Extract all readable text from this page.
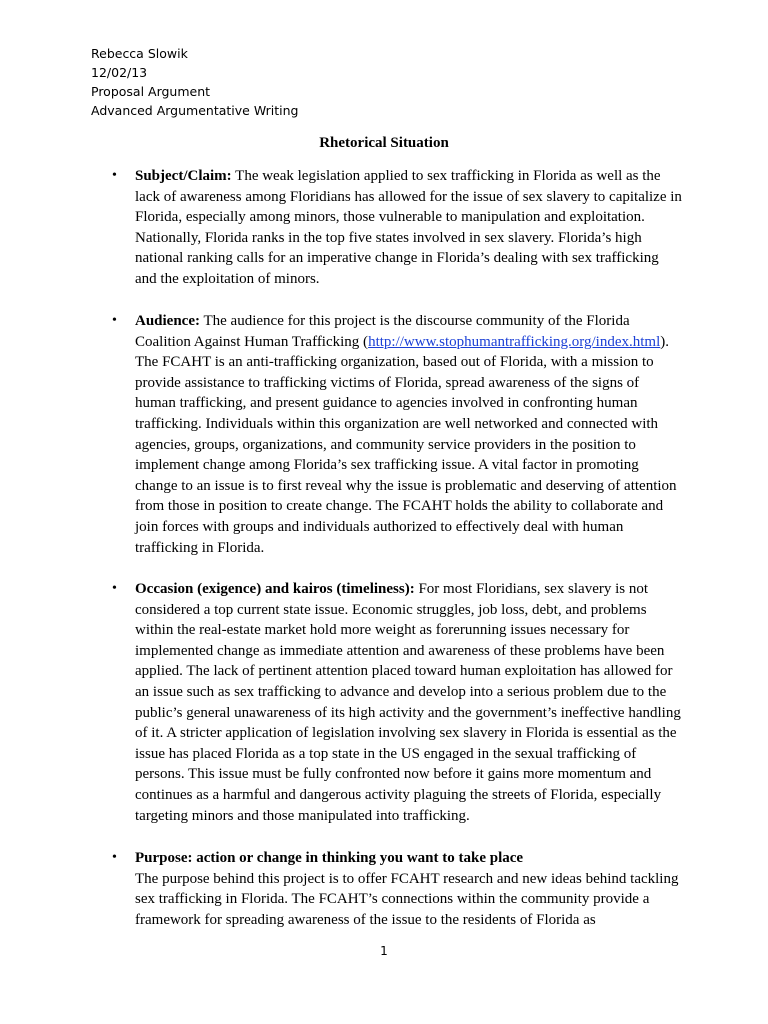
Rebecca Slowik
12/02/13
Proposal Argument
Advanced Argumentative Writing
Rhetorical Situation
• Subject/Claim: The weak legislation applied to sex trafficking in Florida as well as the lack of awareness among Floridians has allowed for the issue of sex slavery to capitalize in Florida, especially among minors, those vulnerable to manipulation and exploitation. Nationally, Florida ranks in the top five states involved in sex slavery. Florida’s high national ranking calls for an imperative change in Florida’s dealing with sex trafficking and the exploitation of minors.

• Audience: The audience for this project is the discourse community of the Florida Coalition Against Human Trafficking (http://www.stophumantrafficking.org/index.html). The FCAHT is an anti-trafficking organization, based out of Florida, with a mission to provide assistance to trafficking victims of Florida, spread awareness of the signs of human trafficking, and present guidance to agencies involved in confronting human trafficking. Individuals within this organization are well networked and connected with agencies, groups, organizations, and community service providers in the position to implement change among Florida’s sex trafficking issue. A vital factor in promoting change to an issue is to first reveal why the issue is problematic and deserving of attention from those in position to create change. The FCAHT holds the ability to collaborate and join forces with groups and individuals authorized to effectively deal with human trafficking in Florida.

• Occasion (exigence) and kairos (timeliness): For most Floridians, sex slavery is not considered a top current state issue. Economic struggles, job loss, debt, and problems within the real-estate market hold more weight as forerunning issues necessary for implemented change as immediate attention and awareness of these problems have been applied. The lack of pertinent attention placed toward human exploitation has allowed for an issue such as sex trafficking to advance and develop into a serious problem due to the public’s general unawareness of its high activity and the government’s ineffective handling of it. A stricter application of legislation involving sex slavery in Florida is essential as the issue has placed Florida as a top state in the US engaged in the sexual trafficking of persons. This issue must be fully confronted now before it gains more momentum and continues as a harmful and dangerous activity plaguing the streets of Florida, especially targeting minors and those manipulated into trafficking.

• Purpose: action or change in thinking you want to take place

The purpose behind this project is to offer FCAHT research and new ideas behind tackling sex trafficking in Florida. The FCAHT’s connections within the community provide a framework for spreading awareness of the issue to the residents of Florida as

1
